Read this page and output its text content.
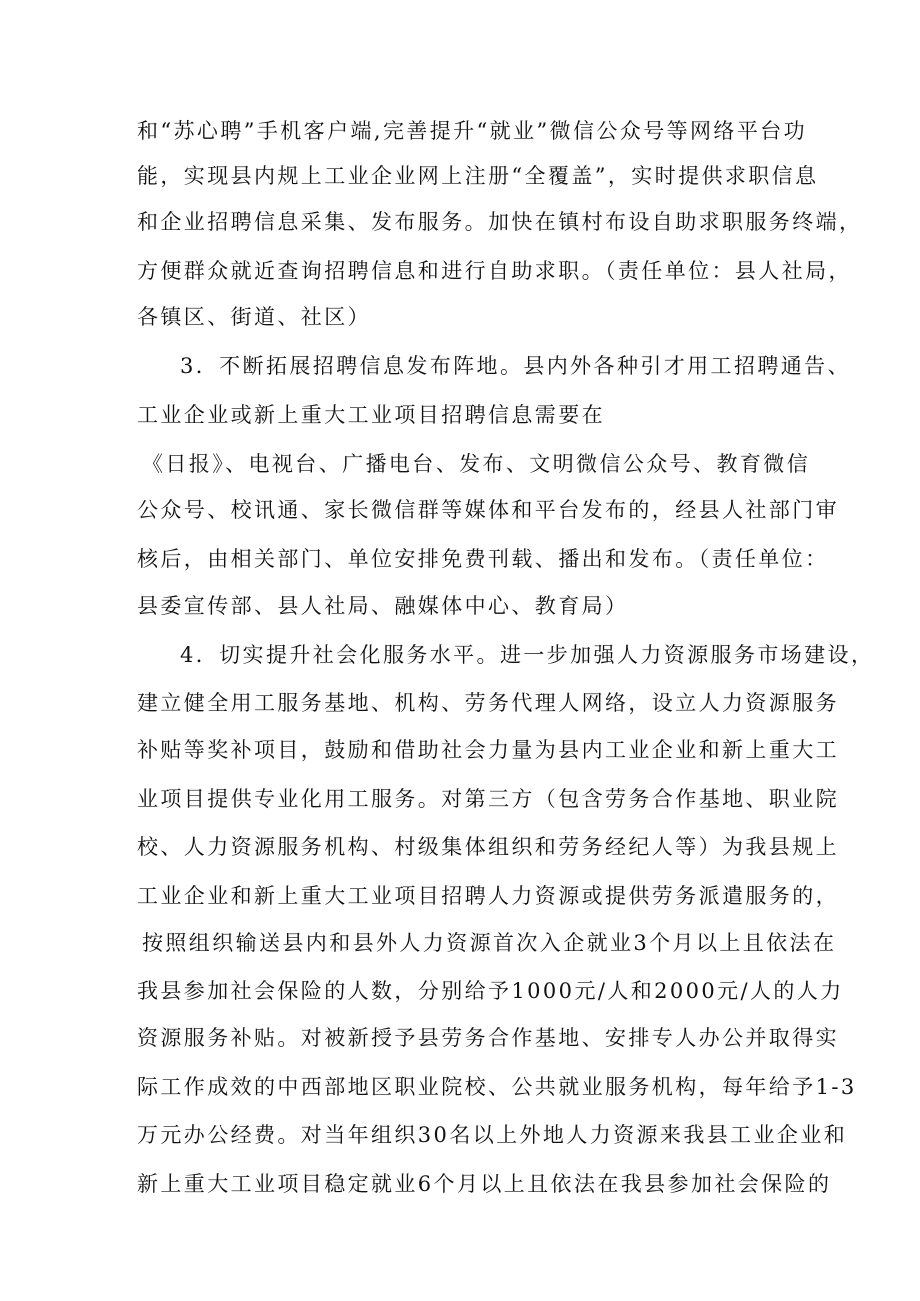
和“苏心聘”手机客户端,完善提升“就业”微信公众号等网络平台功
能，实现县内规上工业企业网上注册“全覆盖”，实时提供求职信息
和企业招聘信息采集、发布服务。加快在镇村布设自助求职服务终端，
方便群众就近查询招聘信息和进行自助求职。（责任单位：县人社局，
各镇区、街道、社区）
3．不断拓展招聘信息发布阵地。县内外各种引才用工招聘通告、
工业企业或新上重大工业项目招聘信息需要在
《日报》、电视台、广播电台、发布、文明微信公众号、教育微信
公众号、校讯通、家长微信群等媒体和平台发布的，经县人社部门审
核后，由相关部门、单位安排免费刊载、播出和发布。（责任单位：
县委宣传部、县人社局、融媒体中心、教育局）
4．切实提升社会化服务水平。进一步加强人力资源服务市场建设，
建立健全用工服务基地、机构、劳务代理人网络，设立人力资源服务
补贴等奖补项目，鼓励和借助社会力量为县内工业企业和新上重大工
业项目提供专业化用工服务。对第三方（包含劳务合作基地、职业院
校、人力资源服务机构、村级集体组织和劳务经纪人等）为我县规上
工业企业和新上重大工业项目招聘人力资源或提供劳务派遣服务的，
按照组织输送县内和县外人力资源首次入企就业3个月以上且依法在
我县参加社会保险的人数，分别给予1000元/人和2000元/人的人力
资源服务补贴。对被新授予县劳务合作基地、安排专人办公并取得实
际工作成效的中西部地区职业院校、公共就业服务机构，每年给予1-3
万元办公经费。对当年组织30名以上外地人力资源来我县工业企业和
新上重大工业项目稳定就业6个月以上且依法在我县参加社会保险的
